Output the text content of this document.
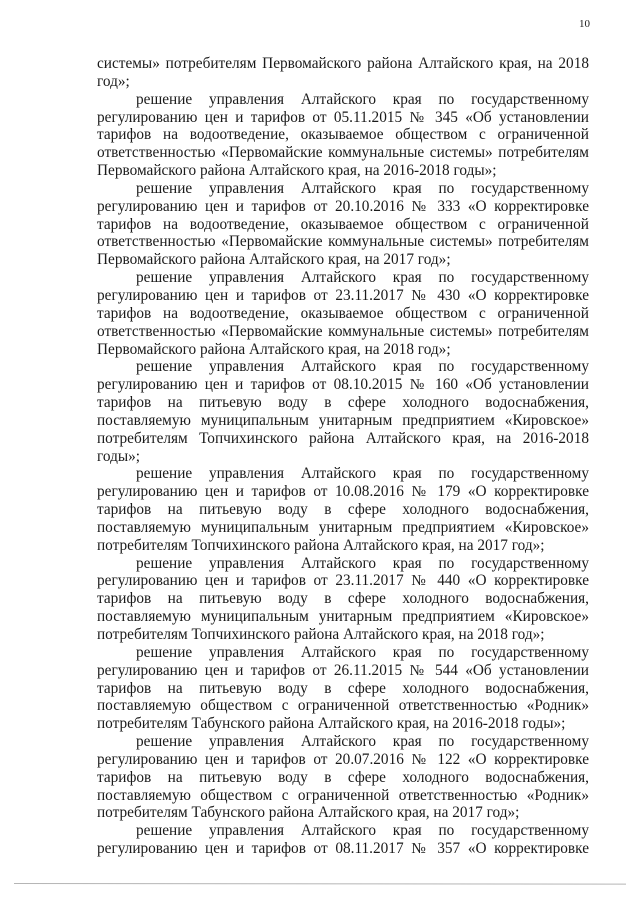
10

системы» потребителям Первомайского района Алтайского края, на 2018 год»;

решение управления Алтайского края по государственному регулированию цен и тарифов от 05.11.2015 № 345 «Об установлении тарифов на водоотведение, оказываемое обществом с ограниченной ответственностью «Первомайские коммунальные системы» потребителям Первомайского района Алтайского края, на 2016-2018 годы»;

решение управления Алтайского края по государственному регулированию цен и тарифов от 20.10.2016 № 333 «О корректировке тарифов на водоотведение, оказываемое обществом с ограниченной ответственностью «Первомайские коммунальные системы» потребителям Первомайского района Алтайского края, на 2017 год»;

решение управления Алтайского края по государственному регулированию цен и тарифов от 23.11.2017 № 430 «О корректировке тарифов на водоотведение, оказываемое обществом с ограниченной ответственностью «Первомайские коммунальные системы» потребителям Первомайского района Алтайского края, на 2018 год»;

решение управления Алтайского края по государственному регулированию цен и тарифов от 08.10.2015 № 160 «Об установлении тарифов на питьевую воду в сфере холодного водоснабжения, поставляемую муниципальным унитарным предприятием «Кировское» потребителям Топчихинского района Алтайского края, на 2016-2018 годы»;

решение управления Алтайского края по государственному регулированию цен и тарифов от 10.08.2016 № 179 «О корректировке тарифов на питьевую воду в сфере холодного водоснабжения, поставляемую муниципальным унитарным предприятием «Кировское» потребителям Топчихинского района Алтайского края, на 2017 год»;

решение управления Алтайского края по государственному регулированию цен и тарифов от 23.11.2017 № 440 «О корректировке тарифов на питьевую воду в сфере холодного водоснабжения, поставляемую муниципальным унитарным предприятием «Кировское» потребителям Топчихинского района Алтайского края, на 2018 год»;

решение управления Алтайского края по государственному регулированию цен и тарифов от 26.11.2015 № 544 «Об установлении тарифов на питьевую воду в сфере холодного водоснабжения, поставляемую обществом с ограниченной ответственностью «Родник» потребителям Табунского района Алтайского края, на 2016-2018 годы»;

решение управления Алтайского края по государственному регулированию цен и тарифов от 20.07.2016 № 122 «О корректировке тарифов на питьевую воду в сфере холодного водоснабжения, поставляемую обществом с ограниченной ответственностью «Родник» потребителям Табунского района Алтайского края, на 2017 год»;

решение управления Алтайского края по государственному регулированию цен и тарифов от 08.11.2017 № 357 «О корректировке
